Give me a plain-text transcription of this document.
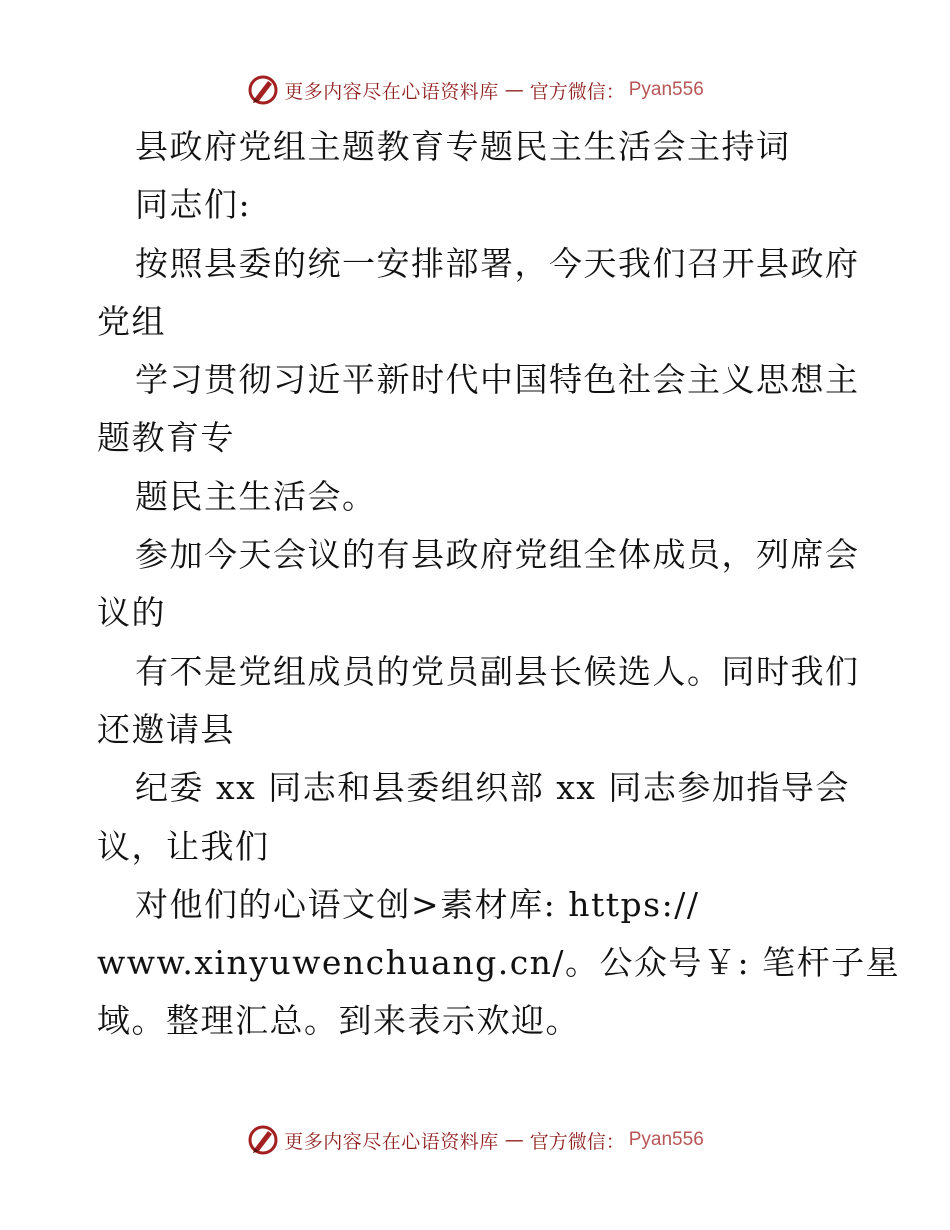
更多内容尽在心语资料库 — 官方微信： Pyan556
县政府党组主题教育专题民主生活会主持词
同志们:
按照县委的统一安排部署，今天我们召开县政府
党组
学习贯彻习近平新时代中国特色社会主义思想主
题教育专
题民主生活会。
参加今天会议的有县政府党组全体成员，列席会
议的
有不是党组成员的党员副县长候选人。同时我们
还邀请县
纪委 xx 同志和县委组织部 xx 同志参加指导会
议，让我们
对他们的心语文创>素材库: https://
www.xinyuwenchuang.cn/。公众号￥: 笔杆子星
域。整理汇总。到来表示欢迎。
更多内容尽在心语资料库 — 官方微信： Pyan556
